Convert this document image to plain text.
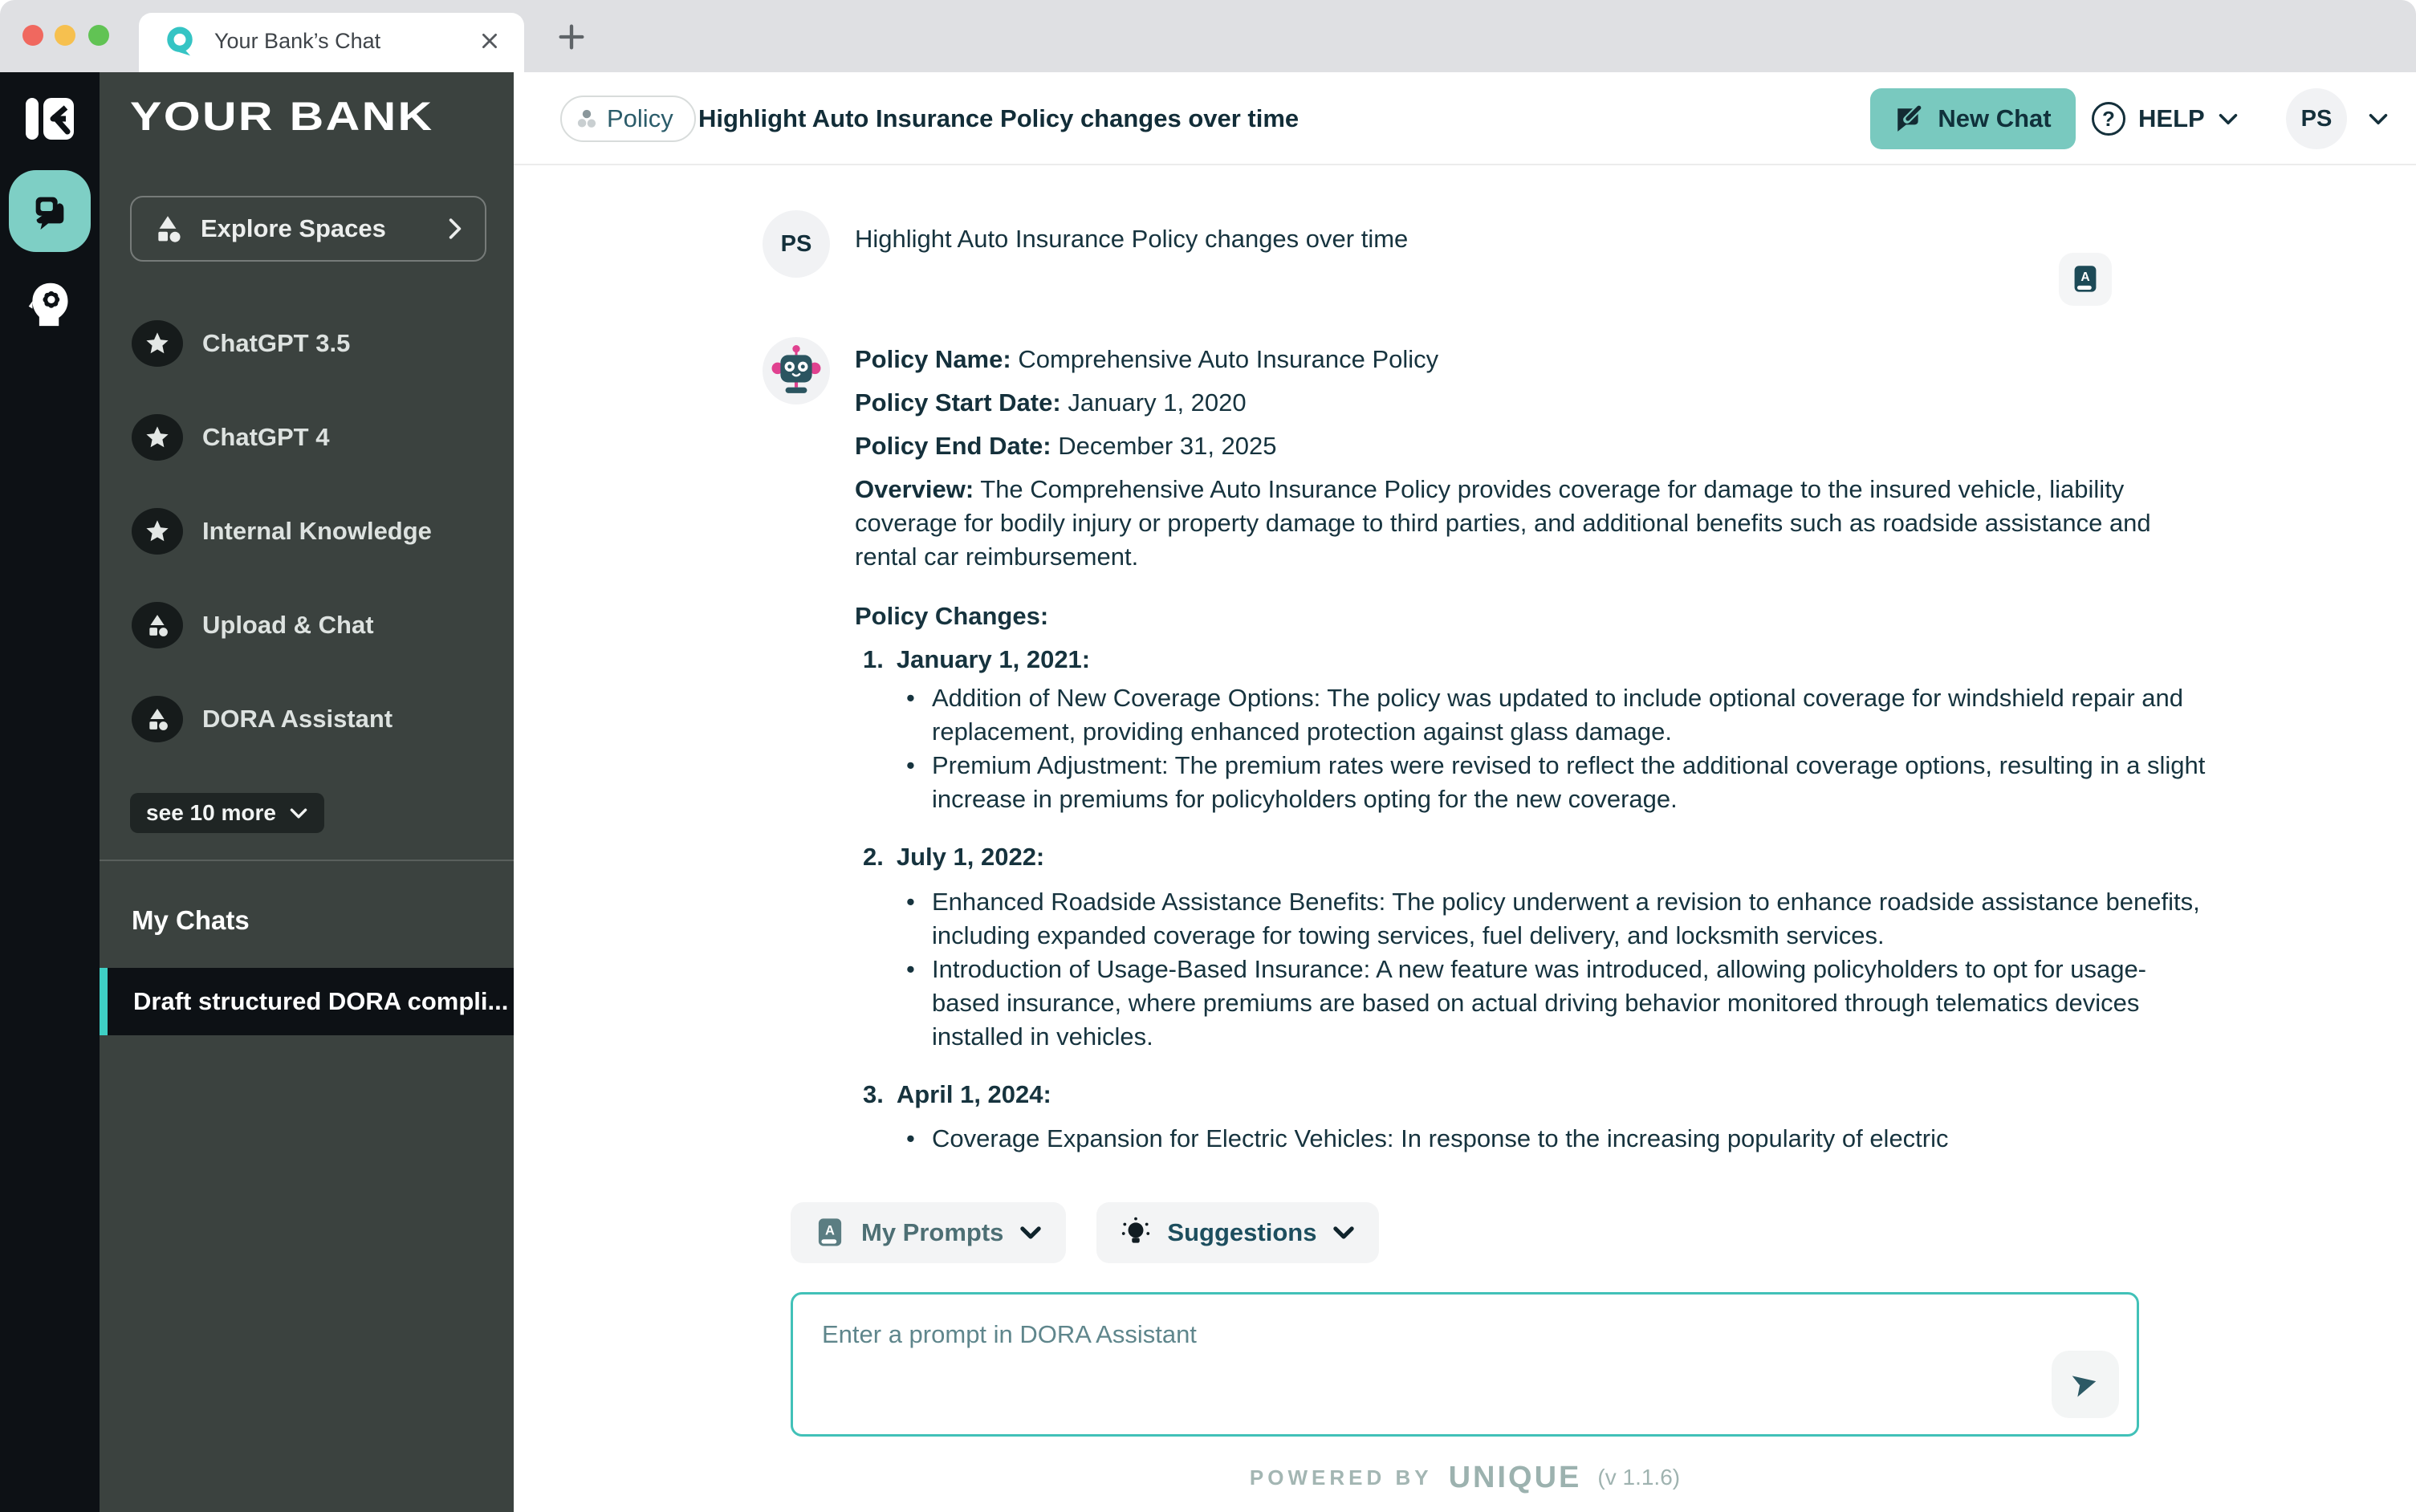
Your Bank’s Chat
YOUR BANK
Explore Spaces
ChatGPT 3.5
ChatGPT 4
Internal Knowledge
Upload & Chat
DORA Assistant
see 10 more
My Chats
Draft structured DORA compli...
Policy Highlight Auto Insurance Policy changes over time	New Chat ?	HELP	PS
PS	Highlight Auto Insurance Policy changes over time
A

Policy Name: Comprehensive Auto Insurance Policy

Policy Start Date: January 1, 2020

Policy End Date: December 31, 2025

Overview: The Comprehensive Auto Insurance Policy provides coverage for damage to the insured vehicle, liability coverage for bodily injury or property damage to third parties, and additional benefits such as roadside assistance and rental car reimbursement.

Policy Changes:

1. January 1, 2021:
• Addition of New Coverage Options: The policy was updated to include optional coverage for windshield repair and replacement, providing enhanced protection against glass damage.
• Premium Adjustment: The premium rates were revised to reflect the additional coverage options, resulting in a slight increase in premiums for policyholders opting for the new coverage.
2. July 1, 2022:
• Enhanced Roadside Assistance Benefits: The policy underwent a revision to enhance roadside assistance benefits, including expanded coverage for towing services, fuel delivery, and locksmith services.
• Introduction of Usage-Based Insurance: A new feature was introduced, allowing policyholders to opt for usage-based insurance, where premiums are based on actual driving behavior monitored through telematics devices installed in vehicles.
3. April 1, 2024:
• Coverage Expansion for Electric Vehicles: In response to the increasing popularity of electric
A My Prompts	Suggestions
Enter a prompt in DORA Assistant
POWERED BY UNIQUE (v 1.1.6)
